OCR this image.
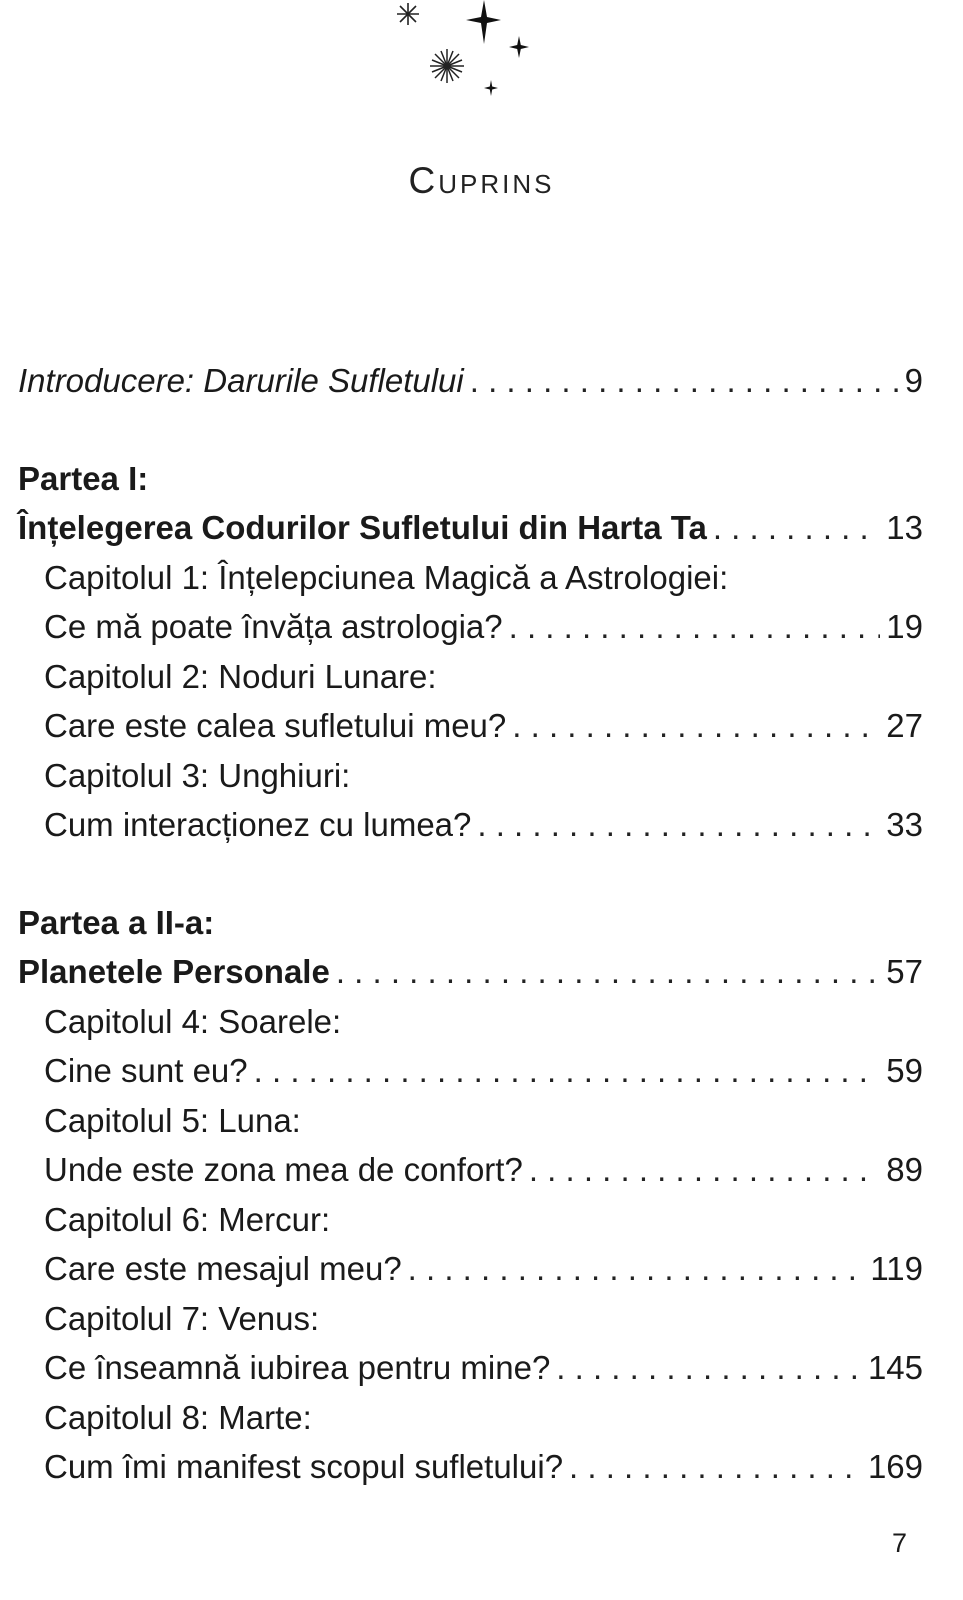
Cuprins
Introducere: Darurile Sufletului . . .	9
Partea I:
Înțelegerea Codurilor Sufletului din Harta Ta . . .	13
Capitolul 1: Înțelepciunea Magică a Astrologiei:
Ce mă poate învăța astrologia? . . .	19
Capitolul 2: Noduri Lunare:
Care este calea sufletului meu? . . .	27
Capitolul 3: Unghiuri:
Cum interacționez cu lumea? . . .	33
Partea a II-a:
Planetele Personale . . .	57
Capitolul 4: Soarele:
Cine sunt eu? . . .	59
Capitolul 5: Luna:
Unde este zona mea de confort? . . .	89
Capitolul 6: Mercur:
Care este mesajul meu? . . .	119
Capitolul 7: Venus:
Ce înseamnă iubirea pentru mine? . . .	145
Capitolul 8: Marte:
Cum îmi manifest scopul sufletului? . . .	169
7
